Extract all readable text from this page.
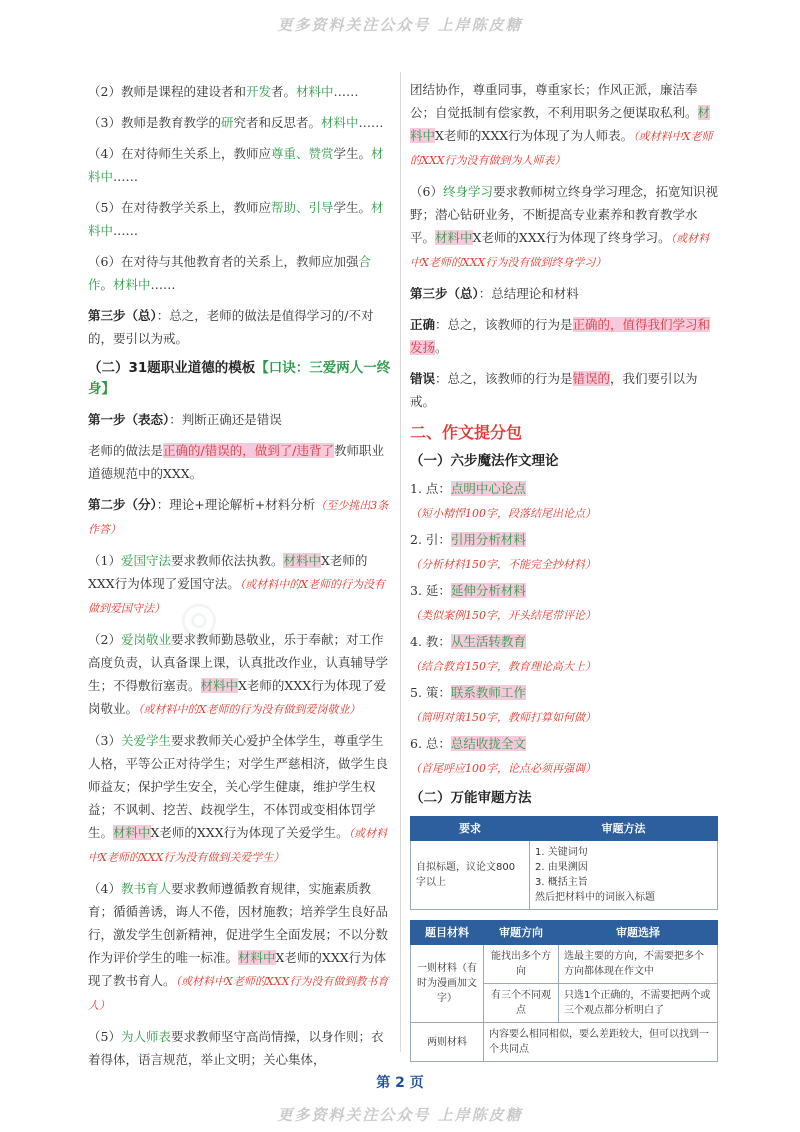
更多资料关注公众号 上岸陈皮糖
◎

（2）教师是课程的建设者和开发者。材料中……

（3）教师是教育教学的研究者和反思者。材料中……

（4）在对待师生关系上，教师应尊重、赞赏学生。材料中……

（5）在对待教学关系上，教师应帮助、引导学生。材料中……

（6）在对待与其他教育者的关系上，教师应加强合作。材料中……

第三步（总）：总之，老师的做法是值得学习的/不对的，要引以为戒。

（二）31题职业道德的模板【口诀：三爱两人一终身】

第一步（表态）：判断正确还是错误

老师的做法是正确的/错误的，做到了/违背了教师职业道德规范中的XXX。

第二步（分）：理论+理论解析+材料分析（至少挑出3条作答）

（1）爱国守法要求教师依法执教。材料中X老师的XXX行为体现了爱国守法。（或材料中的X老师的行为没有做到爱国守法）

（2）爱岗敬业要求教师勤恳敬业，乐于奉献；对工作高度负责，认真备课上课，认真批改作业，认真辅导学生；不得敷衍塞责。材料中X老师的XXX行为体现了爱岗敬业。（或材料中的X老师的行为没有做到爱岗敬业）

（3）关爱学生要求教师关心爱护全体学生，尊重学生人格，平等公正对待学生；对学生严慈相济，做学生良师益友；保护学生安全，关心学生健康，维护学生权益；不讽刺、挖苦、歧视学生，不体罚或变相体罚学生。材料中X老师的XXX行为体现了关爱学生。（或材料中X老师的XXX行为没有做到关爱学生）

（4）教书育人要求教师遵循教育规律，实施素质教育；循循善诱，诲人不倦，因材施教；培养学生良好品行，激发学生创新精神，促进学生全面发展；不以分数作为评价学生的唯一标准。材料中X老师的XXX行为体现了教书育人。（或材料中X老师的XXX行为没有做到教书育人）

（5）为人师表要求教师坚守高尚情操，以身作则；衣着得体，语言规范，举止文明；关心集体，

团结协作，尊重同事，尊重家长；作风正派，廉洁奉公；自觉抵制有偿家教，不利用职务之便谋取私利。材料中X老师的XXX行为体现了为人师表。（或材料中X老师的XXX行为没有做到为人师表）

（6）终身学习要求教师树立终身学习理念，拓宽知识视野；潜心钻研业务，不断提高专业素养和教育教学水平。材料中X老师的XXX行为体现了终身学习。（或材料中X老师的XXX行为没有做到终身学习）

第三步（总）：总结理论和材料

正确：总之，该教师的行为是正确的，值得我们学习和发扬。

错误：总之，该教师的行为是错误的，我们要引以为戒。

二、作文提分包
（一）六步魔法作文理论
1. 点：点明中心论点
（短小精悍100字，段落结尾出论点）
2. 引：引用分析材料
（分析材料150字，不能完全抄材料）
3. 延：延伸分析材料
（类似案例150字，开头结尾带评论）
4. 教：从生活转教育
（结合教育150字，教育理论高大上）
5. 策：联系教师工作
（简明对策150字，教师打算如何做）
6. 总：总结收拢全文
（首尾呼应100字，论点必须再强调）
（二）万能审题方法
要求	审题方法
自拟标题，议论文800字以上	1. 关键词句
2. 由果溯因
3. 概括主旨
然后把材料中的词嵌入标题
题目材料	审题方向	审题选择
一则材料（有时为漫画加文字）	能找出多个方向	选最主要的方向，不需要把多个方向都体现在作文中
	有三个不同观点	只选1个正确的，不需要把两个或三个观点都分析明白了
两则材料	内容要么相同相似，要么差距较大，但可以找到一个共同点	
第 2 页
更多资料关注公众号 上岸陈皮糖
